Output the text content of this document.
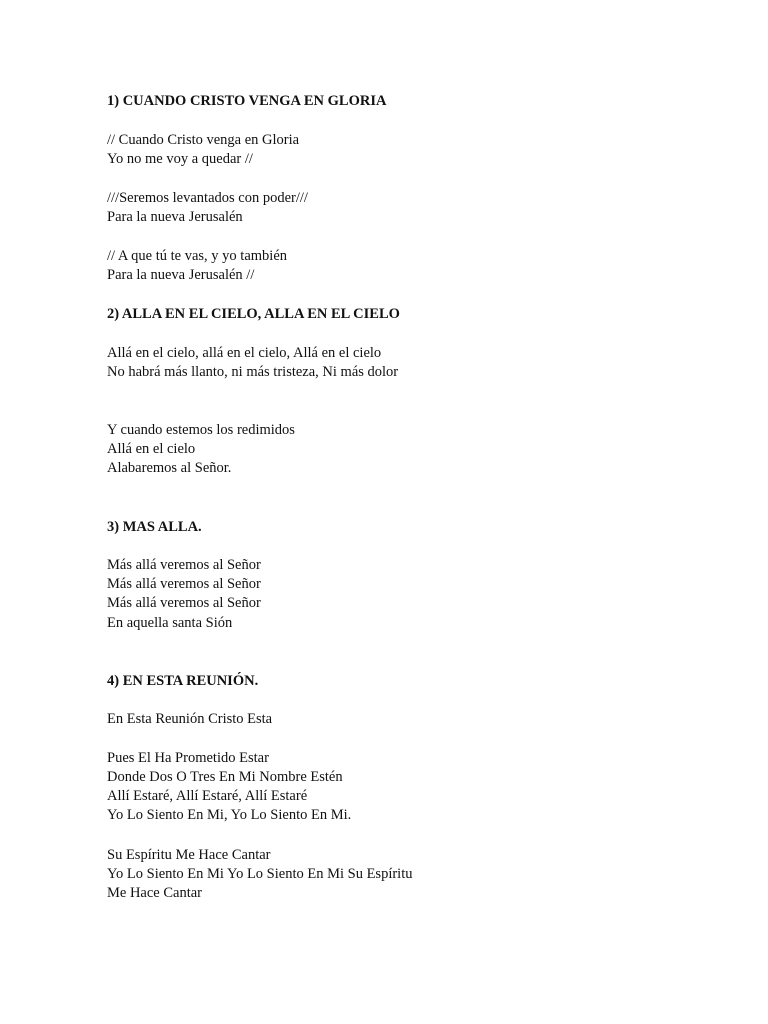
1) CUANDO CRISTO VENGA EN GLORIA

// Cuando Cristo venga en Gloria

Yo no me voy a quedar //

///Seremos levantados con poder///

Para la nueva Jerusalén

// A que tú te vas, y yo también

Para la nueva Jerusalén //

2) ALLA EN EL CIELO, ALLA EN EL CIELO

Allá en el cielo, allá en el cielo, Allá en el cielo

No habrá más llanto, ni más tristeza, Ni más dolor

Y cuando estemos los redimidos

Allá en el cielo

Alabaremos al Señor.

3) MAS ALLA.

Más allá veremos al Señor

Más allá veremos al Señor

Más allá veremos al Señor

En aquella santa Sión

4) EN ESTA REUNIÓN.

En Esta Reunión Cristo Esta

Pues El Ha Prometido Estar

Donde Dos O Tres En Mi Nombre Estén

Allí Estaré, Allí Estaré, Allí Estaré

Yo Lo Siento En Mi, Yo Lo Siento En Mi.

Su Espíritu Me Hace Cantar

Yo Lo Siento En Mi Yo Lo Siento En Mi Su Espíritu

Me Hace Cantar
